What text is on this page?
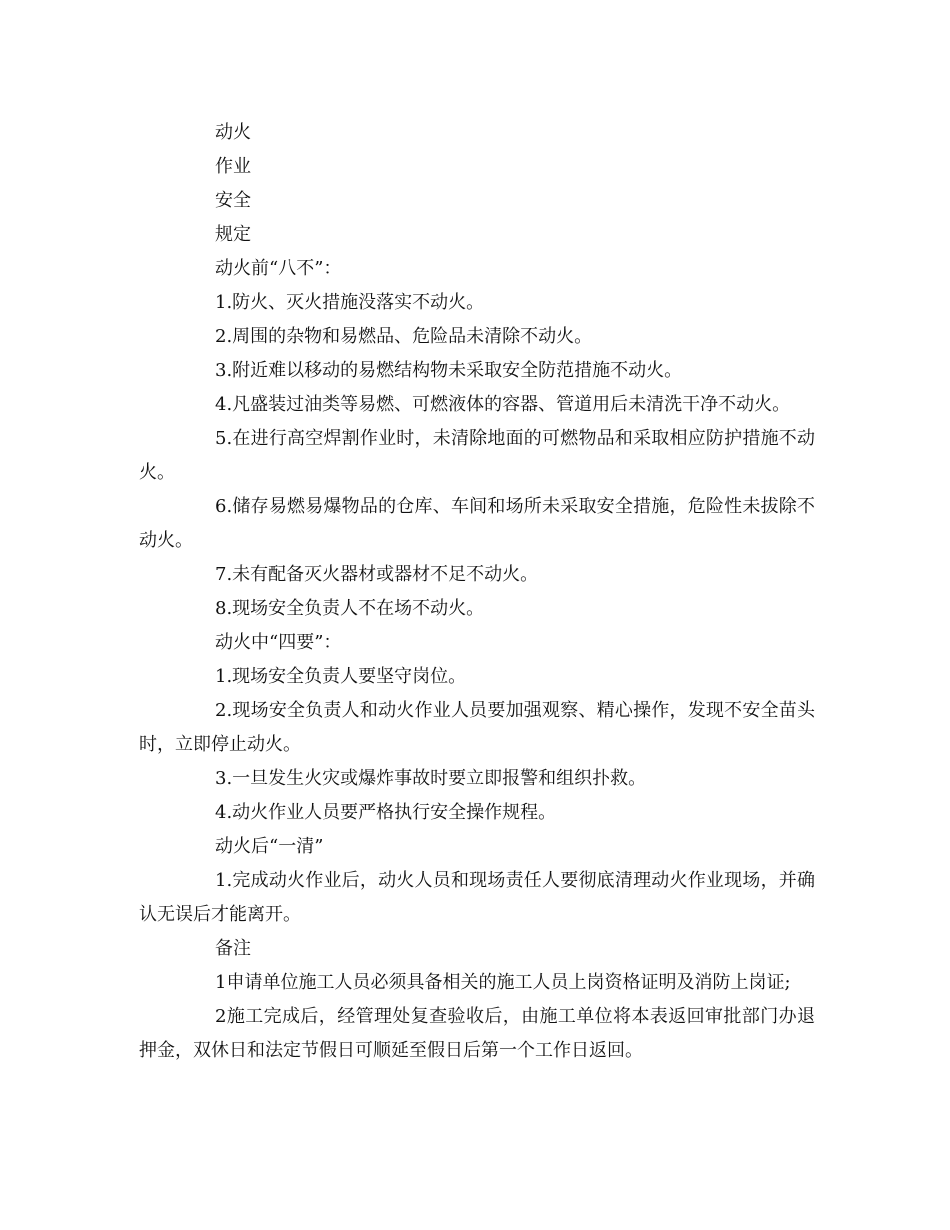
动火

作业

安全

规定

动火前“八不”：

1.防火、灭火措施没落实不动火。

2.周围的杂物和易燃品、危险品未清除不动火。

3.附近难以移动的易燃结构物未采取安全防范措施不动火。

4.凡盛装过油类等易燃、可燃液体的容器、管道用后未清洗干净不动火。

5.在进行高空焊割作业时，未清除地面的可燃物品和采取相应防护措施不动火。

6.储存易燃易爆物品的仓库、车间和场所未采取安全措施，危险性未拔除不动火。

7.未有配备灭火器材或器材不足不动火。

8.现场安全负责人不在场不动火。

动火中“四要”：

1.现场安全负责人要坚守岗位。

2.现场安全负责人和动火作业人员要加强观察、精心操作，发现不安全苗头时，立即停止动火。

3.一旦发生火灾或爆炸事故时要立即报警和组织扑救。

4.动火作业人员要严格执行安全操作规程。

动火后“一清”

1.完成动火作业后，动火人员和现场责任人要彻底清理动火作业现场，并确认无误后才能离开。

备注

1申请单位施工人员必须具备相关的施工人员上岗资格证明及消防上岗证;

2施工完成后，经管理处复查验收后，由施工单位将本表返回审批部门办退押金，双休日和法定节假日可顺延至假日后第一个工作日返回。
